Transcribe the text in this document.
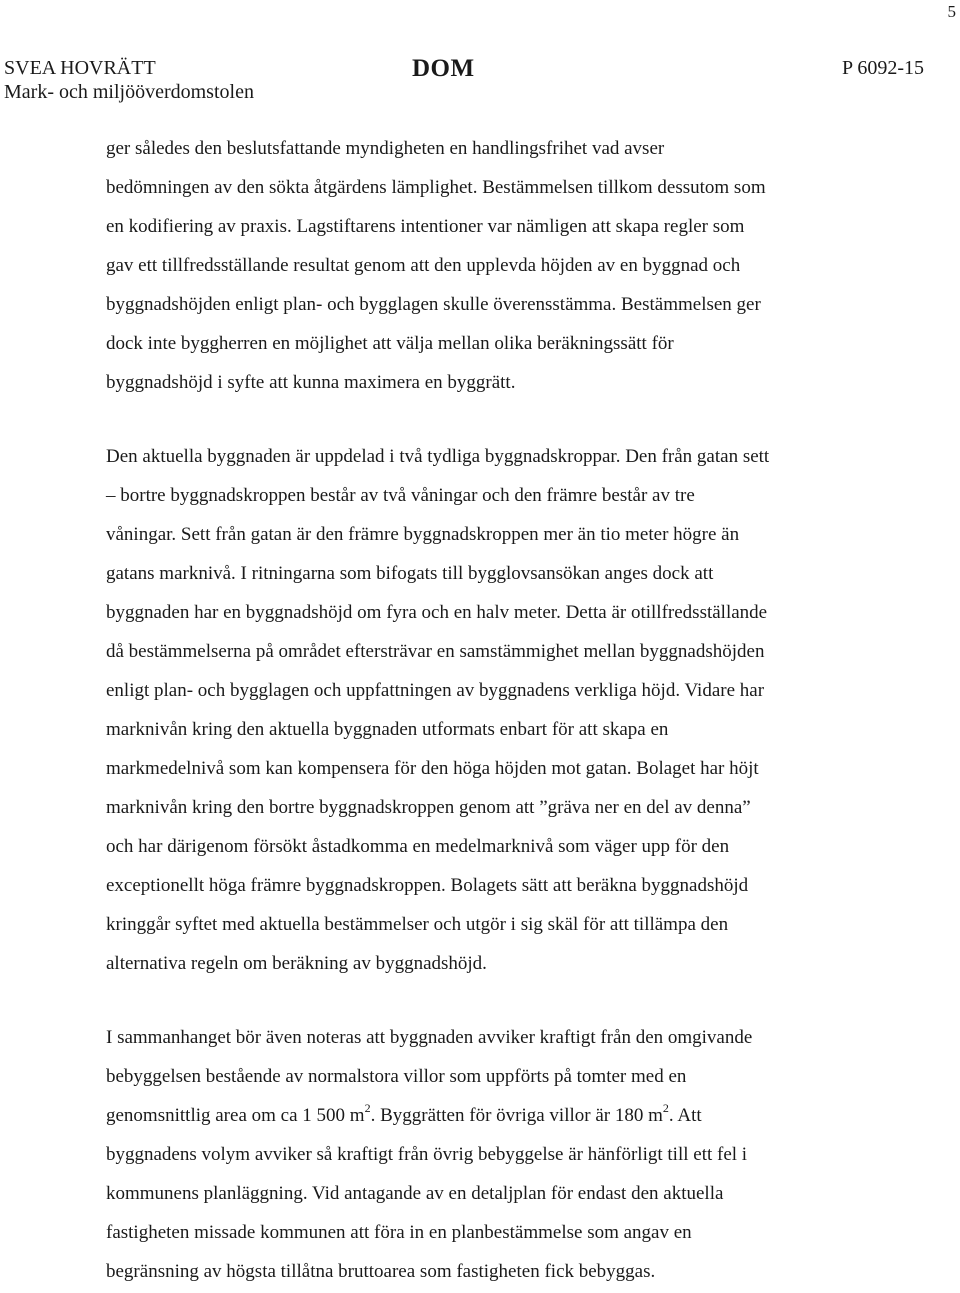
5
SVEA HOVRÄTT
Mark- och miljööverdomstolen
DOM	P 6092-15

ger således den beslutsfattande myndigheten en handlingsfrihet vad avser
bedömningen av den sökta åtgärdens lämplighet. Bestämmelsen tillkom dessutom som
en kodifiering av praxis. Lagstiftarens intentioner var nämligen att skapa regler som
gav ett tillfredsställande resultat genom att den upplevda höjden av en byggnad och
byggnadshöjden enligt plan- och bygglagen skulle överensstämma. Bestämmelsen ger
dock inte byggherren en möjlighet att välja mellan olika beräkningssätt för
byggnadshöjd i syfte att kunna maximera en byggrätt.

Den aktuella byggnaden är uppdelad i två tydliga byggnadskroppar. Den från gatan sett
– bortre byggnadskroppen består av två våningar och den främre består av tre
våningar. Sett från gatan är den främre byggnadskroppen mer än tio meter högre än
gatans marknivå. I ritningarna som bifogats till bygglovsansökan anges dock att
byggnaden har en byggnadshöjd om fyra och en halv meter. Detta är otillfredsställande
då bestämmelserna på området eftersträvar en samstämmighet mellan byggnadshöjden
enligt plan- och bygglagen och uppfattningen av byggnadens verkliga höjd. Vidare har
marknivån kring den aktuella byggnaden utformats enbart för att skapa en
markmedelnivå som kan kompensera för den höga höjden mot gatan. Bolaget har höjt
marknivån kring den bortre byggnadskroppen genom att ”gräva ner en del av denna”
och har därigenom försökt åstadkomma en medelmarknivå som väger upp för den
exceptionellt höga främre byggnadskroppen. Bolagets sätt att beräkna byggnadshöjd
kringgår syftet med aktuella bestämmelser och utgör i sig skäl för att tillämpa den
alternativa regeln om beräkning av byggnadshöjd.

I sammanhanget bör även noteras att byggnaden avviker kraftigt från den omgivande
bebyggelsen bestående av normalstora villor som uppförts på tomter med en
genomsnittlig area om ca 1 500 $m^2$. Byggrätten för övriga villor är 180 $m^2$. Att
byggnadens volym avviker så kraftigt från övrig bebyggelse är hänförligt till ett fel i
kommunens planläggning. Vid antagande av en detaljplan för endast den aktuella
fastigheten missade kommunen att föra in en planbestämmelse som angav en
begränsning av högsta tillåtna bruttoarea som fastigheten fick bebyggas.
